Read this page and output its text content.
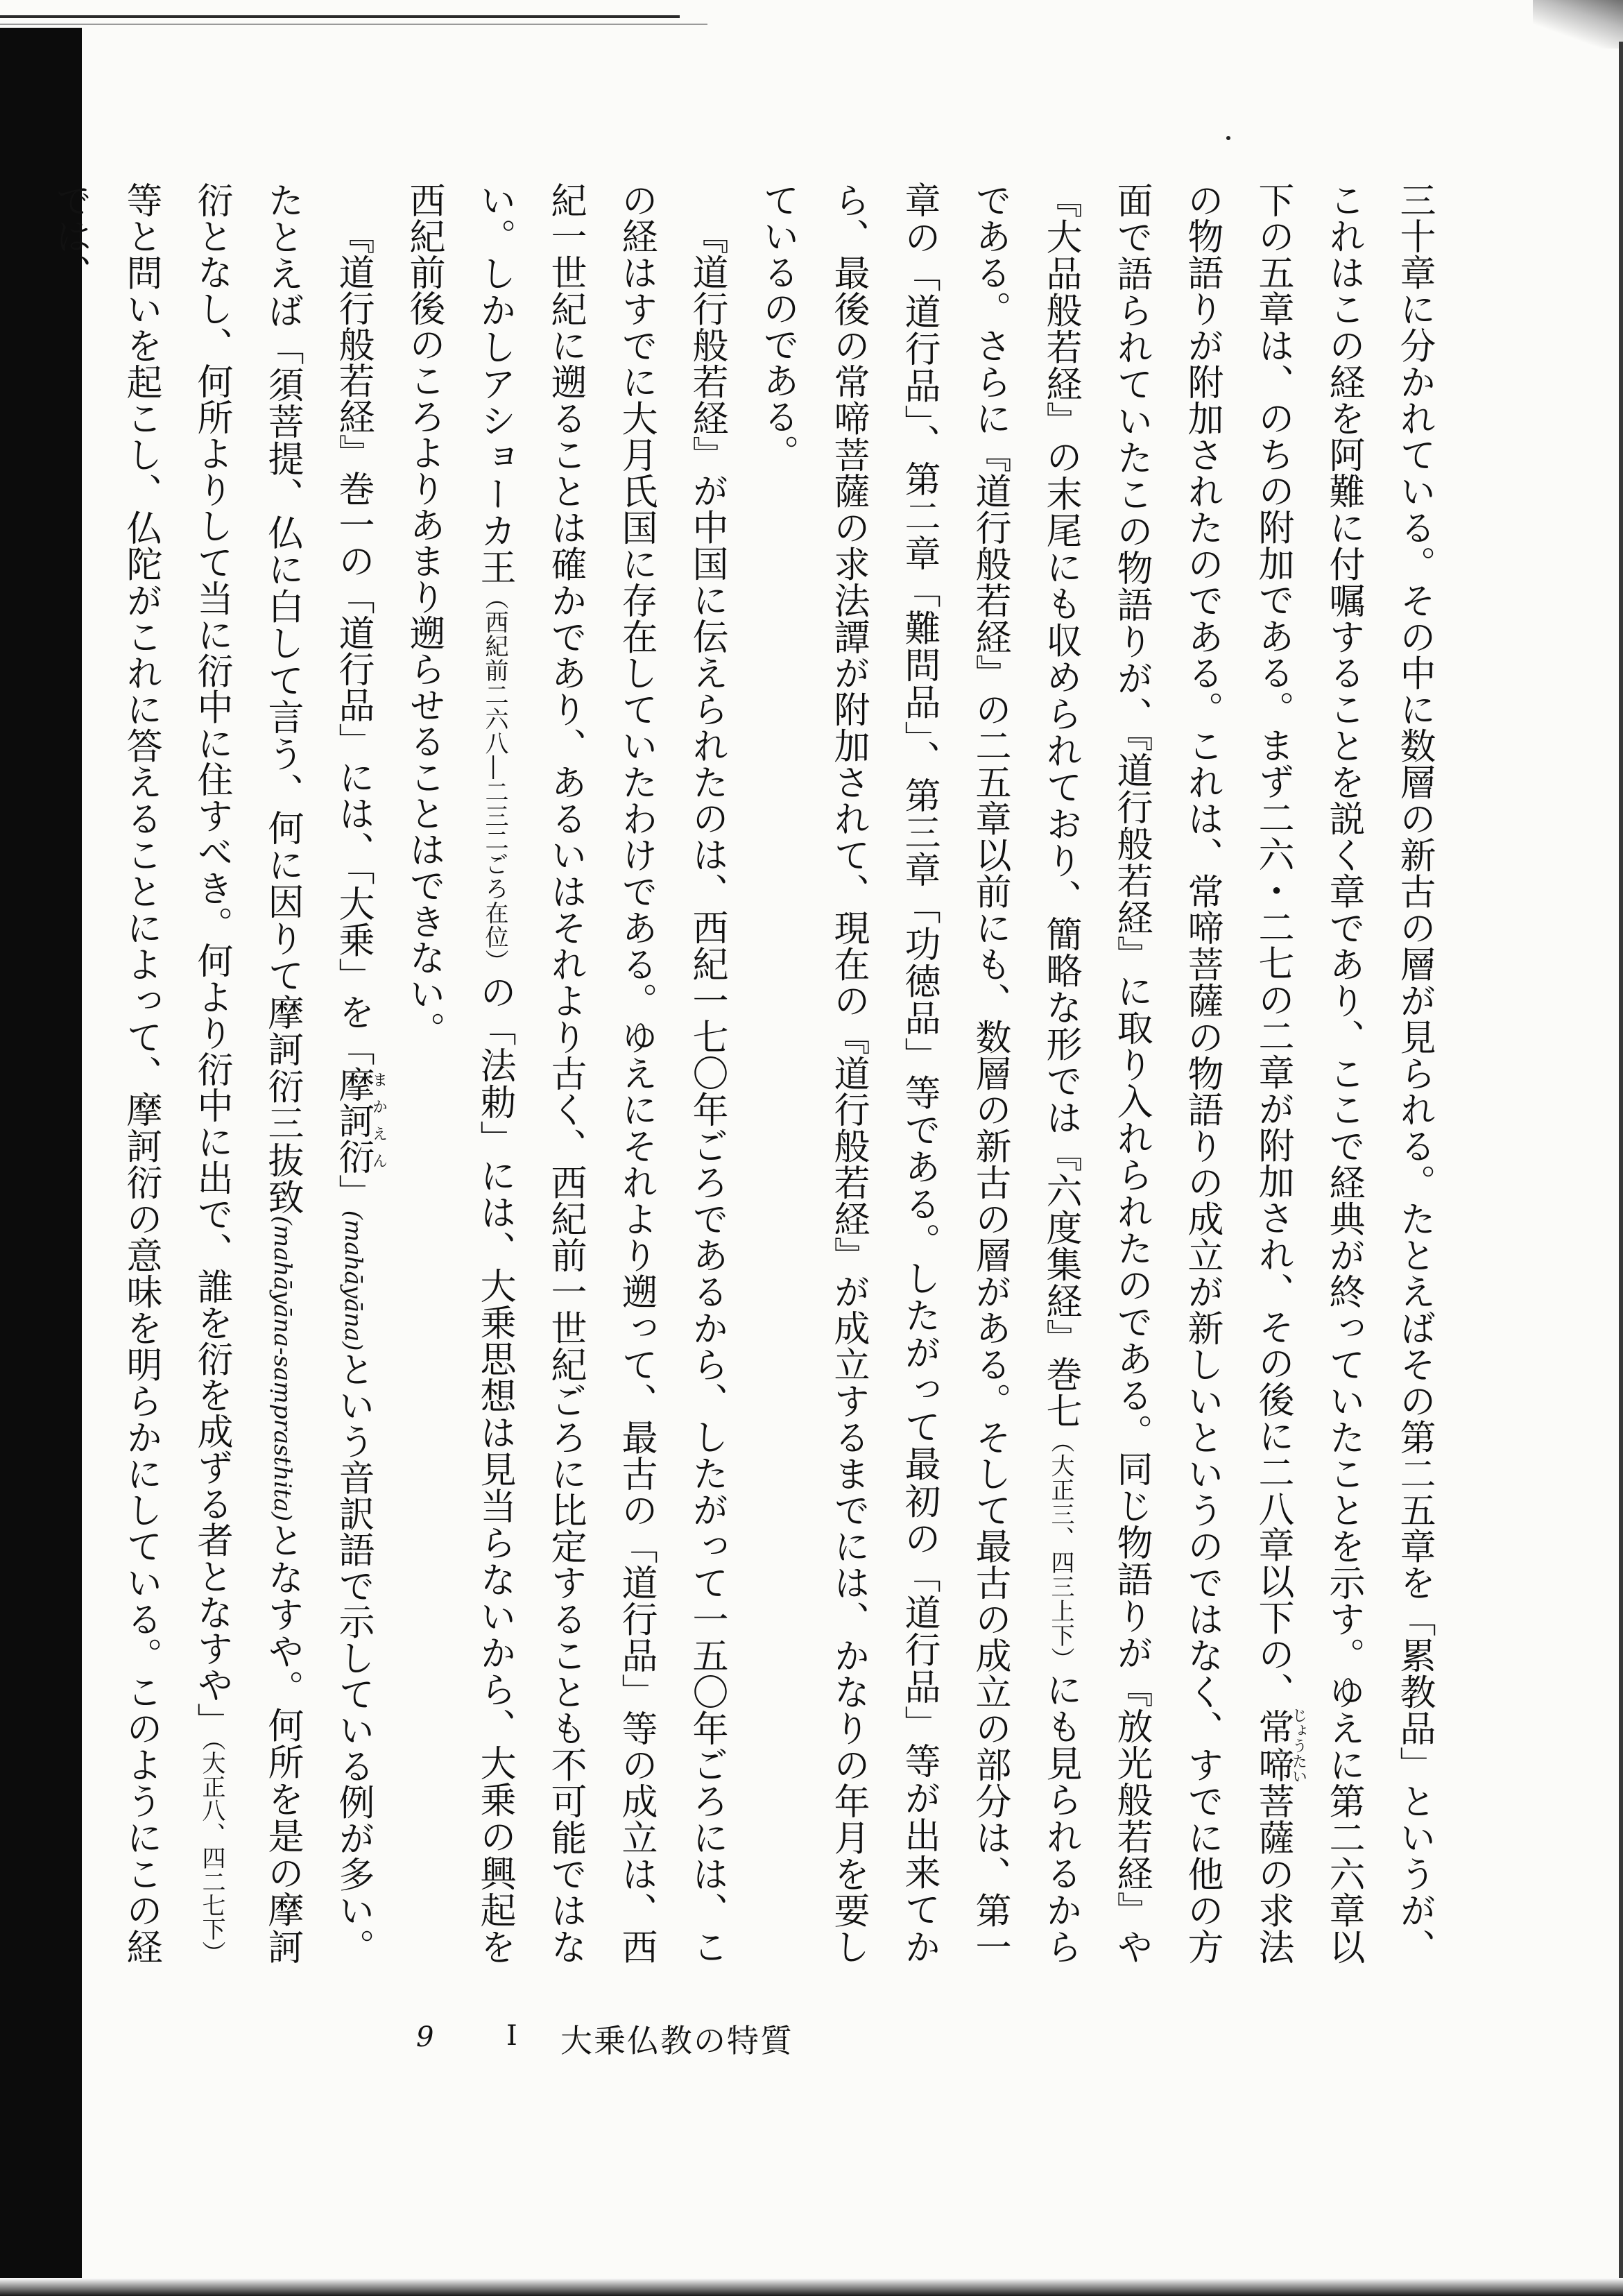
三十章に分かれている。その中に数層の新古の層が見られる。たとえばその第二五章を「累教品」というが、これはこの経を阿難に付嘱することを説く章であり、ここで経典が終っていたことを示す。ゆえに第二六章以下の五章は、のちの附加である。まず二六・二七の二章が附加され、その後に二八章以下の、常啼じょうたい菩薩の求法の物語りが附加されたのである。これは、常啼菩薩の物語りの成立が新しいというのではなく、すでに他の方面で語られていたこの物語りが、『道行般若経』に取り入れられたのである。同じ物語りが『放光般若経』や『大品般若経』の末尾にも収められており、簡略な形では『六度集経』巻七（大正三、四三上下）にも見られるからである。さらに『道行般若経』の二五章以前にも、数層の新古の層がある。そして最古の成立の部分は、第一章の「道行品」、第二章「難問品」、第三章「功徳品」等である。したがって最初の「道行品」等が出来てから、最後の常啼菩薩の求法譚が附加されて、現在の『道行般若経』が成立するまでには、かなりの年月を要しているのである。

『道行般若経』が中国に伝えられたのは、西紀一七〇年ごろであるから、したがって一五〇年ごろには、この経はすでに大月氏国に存在していたわけである。ゆえにそれより遡って、最古の「道行品」等の成立は、西紀一世紀に遡ることは確かであり、あるいはそれより古く、西紀前一世紀ごろに比定することも不可能ではない。しかしアショーカ王（西紀前二六八―二三二ごろ在位）の「法勅」には、大乗思想は見当らないから、大乗の興起を西紀前後のころよりあまり遡らせることはできない。

『道行般若経』巻一の「道行品」には、「大乗」を「摩訶衍まかえん」(mahāyāna)という音訳語で示している例が多い。たとえば「須菩提、仏に白して言う、何に因りて摩訶衍三抜致(mahāyāna-saṃprasthita)となすや。何所を是の摩訶衍となし、何所よりして当に衍中に住すべき。何より衍中に出で、誰を衍を成ずる者となすや」（大正八、四二七下）等と問いを起こし、仏陀がこれに答えることによって、摩訶衍の意味を明らかにしている。このようにこの経では、

9	I 大乗仏教の特質
